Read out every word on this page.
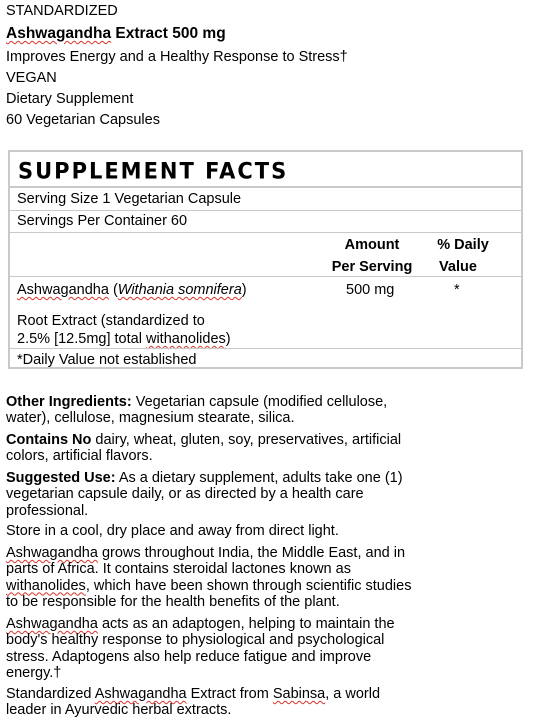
STANDARDIZED
Ashwagandha Extract 500 mg
Improves Energy and a Healthy Response to Stress†
VEGAN
Dietary Supplement
60 Vegetarian Capsules
SUPPLEMENT FACTS
Serving Size 1 Vegetarian Capsule
Servings Per Container 60
Amount
Per Serving
% Daily
Value
Ashwagandha (Withania somnifera)	500 mg	*
Root Extract (standardized to
2.5% [12.5mg] total withanolides)
*Daily Value not established

Other Ingredients: Vegetarian capsule (modified cellulose, water), cellulose, magnesium stearate, silica.

Contains No dairy, wheat, gluten, soy, preservatives, artificial colors, artificial flavors.

Suggested Use: As a dietary supplement, adults take one (1) vegetarian capsule daily, or as directed by a health care professional.

Store in a cool, dry place and away from direct light.

Ashwagandha grows throughout India, the Middle East, and in parts of Africa. It contains steroidal lactones known as withanolides, which have been shown through scientific studies to be responsible for the health benefits of the plant.

Ashwagandha acts as an adaptogen, helping to maintain the body's healthy response to physiological and psychological stress. Adaptogens also help reduce fatigue and improve energy.†

Standardized Ashwagandha Extract from Sabinsa, a world leader in Ayurvedic herbal extracts.
